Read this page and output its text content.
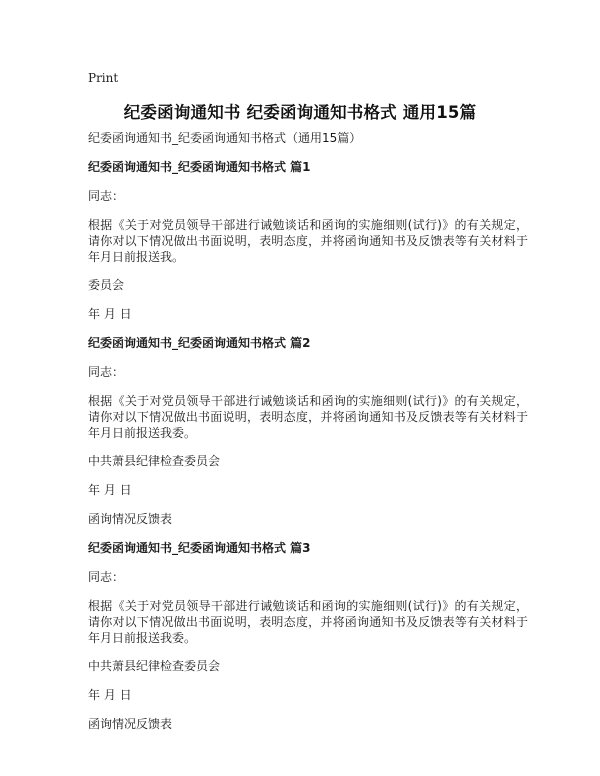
Print
纪委函询通知书 纪委函询通知书格式 通用15篇
纪委函询通知书_纪委函询通知书格式（通用15篇）
纪委函询通知书_纪委函询通知书格式 篇1
同志：
根据《关于对党员领导干部进行诫勉谈话和函询的实施细则(试行)》的有关规定，请你对以下情况做出书面说明，表明态度，并将函询通知书及反馈表等有关材料于年月日前报送我。
委员会
年 月 日
纪委函询通知书_纪委函询通知书格式 篇2
同志：
根据《关于对党员领导干部进行诫勉谈话和函询的实施细则(试行)》的有关规定，请你对以下情况做出书面说明，表明态度，并将函询通知书及反馈表等有关材料于年月日前报送我委。
中共萧县纪律检查委员会
年 月 日
函询情况反馈表
纪委函询通知书_纪委函询通知书格式 篇3
同志：
根据《关于对党员领导干部进行诫勉谈话和函询的实施细则(试行)》的有关规定，请你对以下情况做出书面说明，表明态度，并将函询通知书及反馈表等有关材料于年月日前报送我委。
中共萧县纪律检查委员会
年 月 日
函询情况反馈表
